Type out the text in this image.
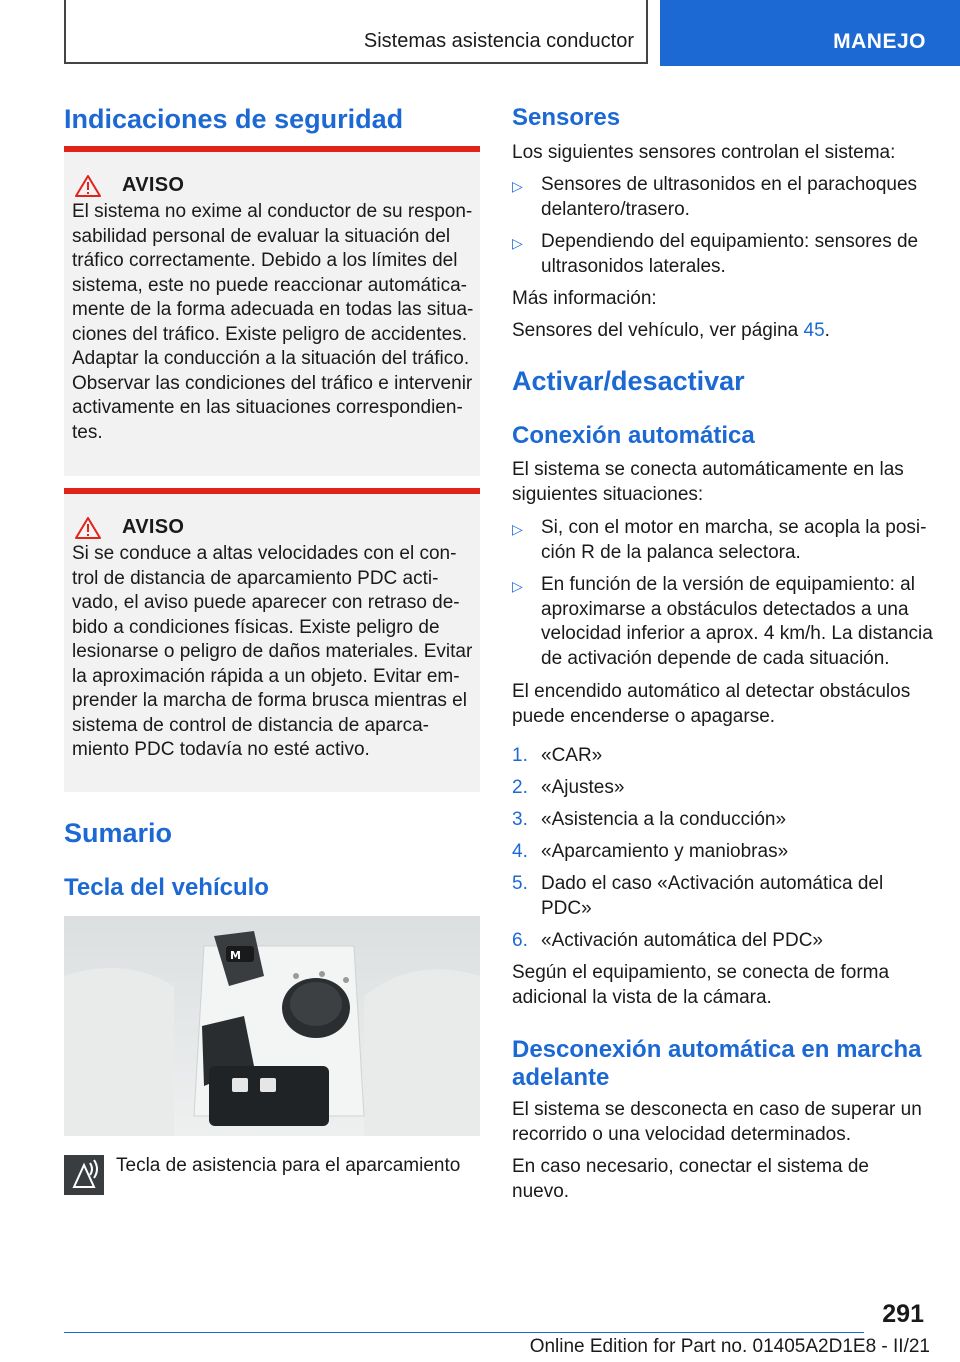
Sistemas asistencia conductor	MANEJO
Indicaciones de seguridad
AVISO
El sistema no exime al conductor de su respon-
sabilidad personal de evaluar la situación del
tráfico correctamente. Debido a los límites del
sistema, este no puede reaccionar automática-
mente de la forma adecuada en todas las situa-
ciones del tráfico. Existe peligro de accidentes.
Adaptar la conducción a la situación del tráfico.
Observar las condiciones del tráfico e intervenir
activamente en las situaciones correspondien-
tes.
AVISO
Si se conduce a altas velocidades con el con-
trol de distancia de aparcamiento PDC acti-
vado, el aviso puede aparecer con retraso de-
bido a condiciones físicas. Existe peligro de
lesionarse o peligro de daños materiales. Evitar
la aproximación rápida a un objeto. Evitar em-
prender la marcha de forma brusca mientras el
sistema de control de distancia de aparca-
miento PDC todavía no esté activo.
Sumario
Tecla del vehículo
M
Tecla de asistencia para el aparcamiento
Sensores
Los siguientes sensores controlan el sistema:
▷ Sensores de ultrasonidos en el parachoques
delantero/trasero.
▷ Dependiendo del equipamiento: sensores de
ultrasonidos laterales.
Más información:
Sensores del vehículo, ver página 45.
Activar/desactivar
Conexión automática
El sistema se conecta automáticamente en las
siguientes situaciones:
▷ Si, con el motor en marcha, se acopla la posi-
ción R de la palanca selectora.
▷ En función de la versión de equipamiento: al
aproximarse a obstáculos detectados a una
velocidad inferior a aprox. 4 km/h. La distancia
de activación depende de cada situación.
El encendido automático al detectar obstáculos
puede encenderse o apagarse.
1. «CAR»
2. «Ajustes»
3. «Asistencia a la conducción»
4. «Aparcamiento y maniobras»
5. Dado el caso «Activación automática del
PDC»
6. «Activación automática del PDC»
Según el equipamiento, se conecta de forma
adicional la vista de la cámara.
Desconexión automática en marcha
adelante
El sistema se desconecta en caso de superar un
recorrido o una velocidad determinados.
En caso necesario, conectar el sistema de
nuevo.
291
Online Edition for Part no. 01405A2D1E8 - II/21
